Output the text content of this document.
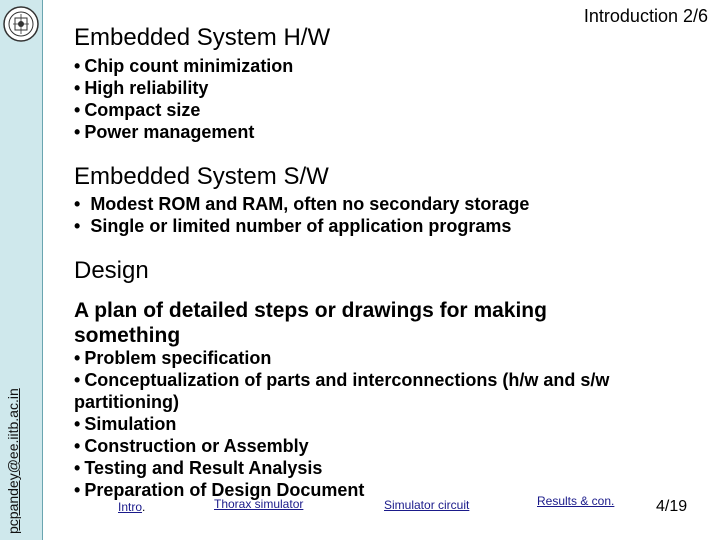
pcpandey@ee.iitb.ac.in
Introduction 2/6
Embedded System H/W
• Chip count minimization
• High reliability
• Compact size
• Power management
Embedded System S/W
• Modest ROM and RAM, often no secondary storage
• Single or limited number of application programs
Design

A plan of detailed steps or drawings for making something

• Problem specification
• Conceptualization of parts and interconnections (h/w and s/w
partitioning)
• Simulation
• Construction or Assembly
• Testing and Result Analysis
• Preparation of Design Document
Intro .	Thorax simulator	Simulator circuit	Results & con.	4/19
